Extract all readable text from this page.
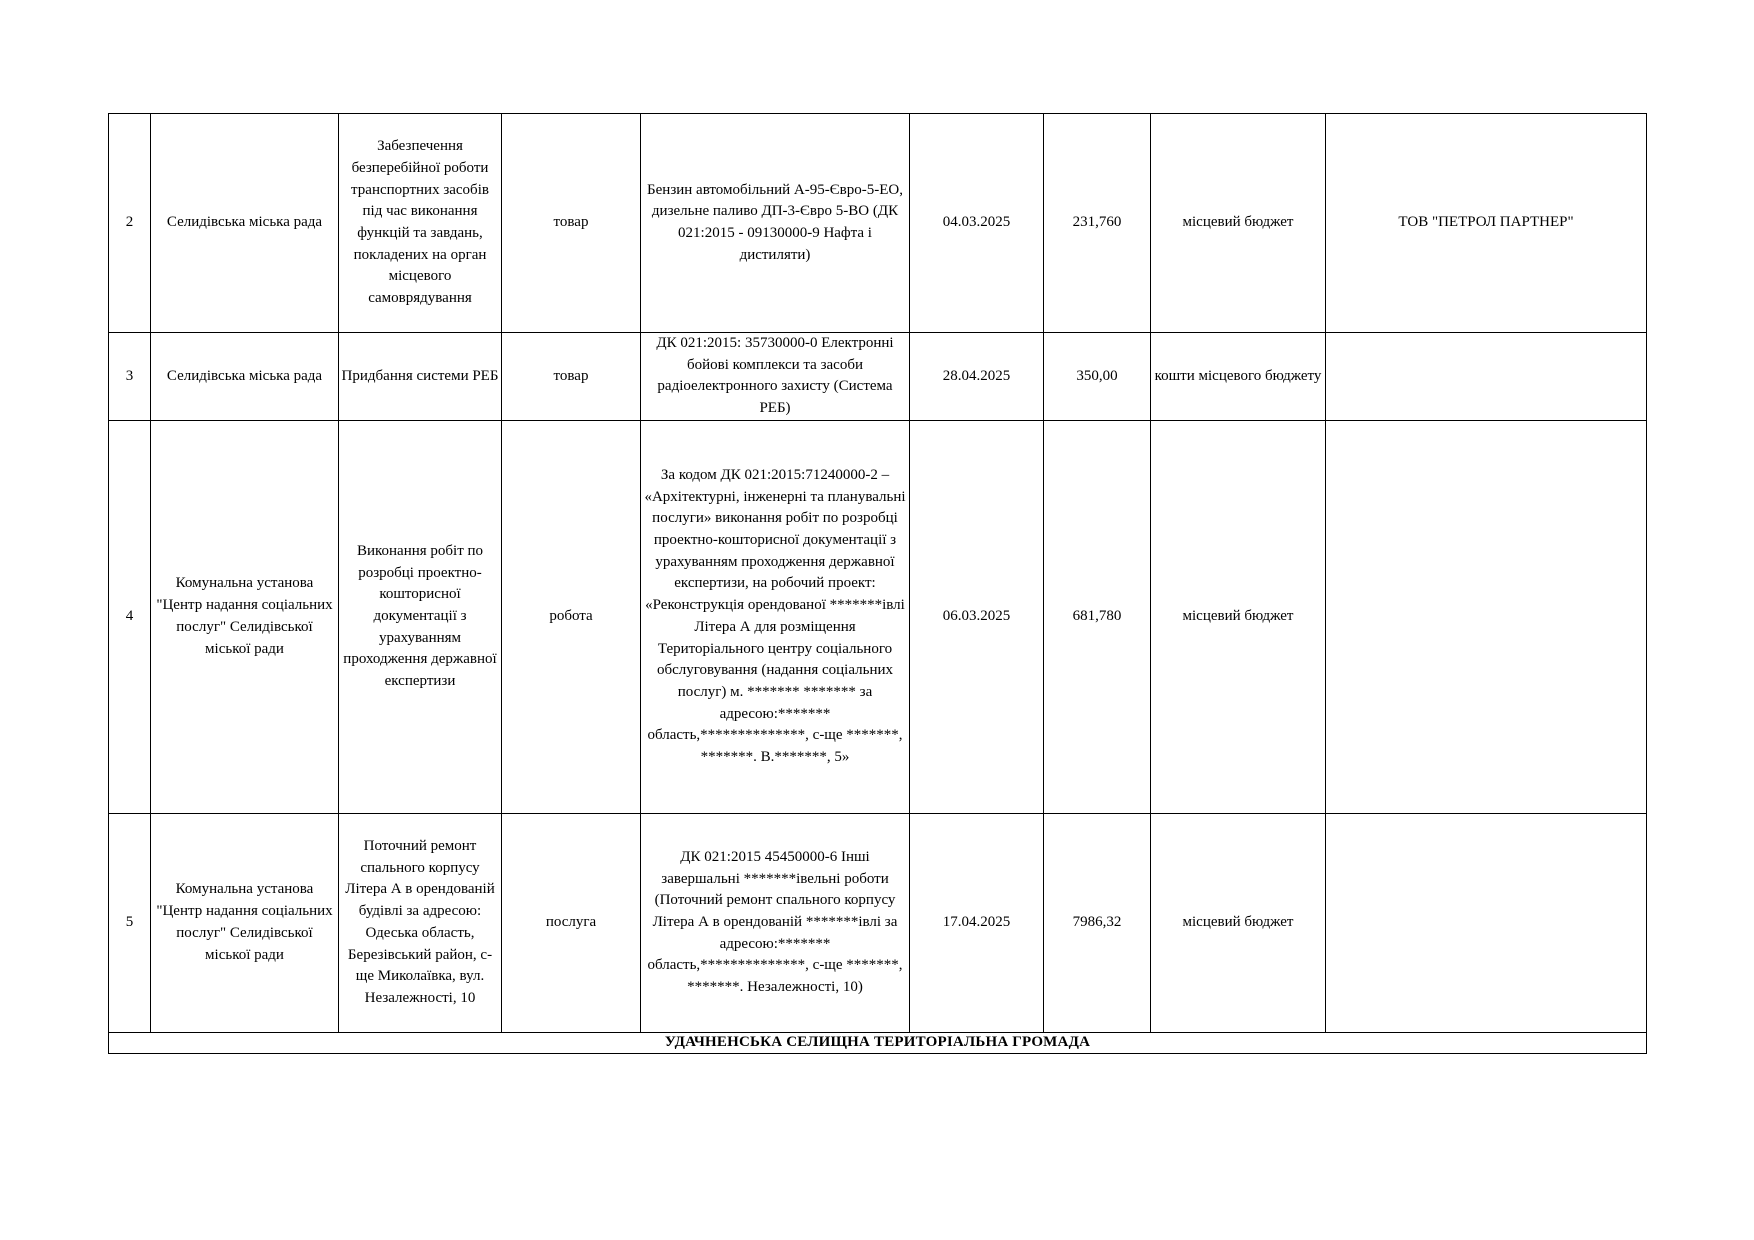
2	Селидівська міська рада	Забезпечення безперебійної роботи транспортних засобів під час виконання функцій та завдань, покладених на орган місцевого самоврядування	товар	Бензин автомобільний А-95-Євро-5-ЕО, дизельне паливо ДП-3-Євро 5-ВО (ДК 021:2015 - 09130000-9 Нафта і дистиляти)	04.03.2025	231,760	місцевий бюджет	ТОВ "ПЕТРОЛ ПАРТНЕР"
3	Селидівська міська рада	Придбання системи РЕБ	товар	ДК 021:2015: 35730000-0 Електронні бойові комплекси та засоби радіоелектронного захисту (Система РЕБ)	28.04.2025	350,00	кошти місцевого бюджету	
4	Комунальна установа "Центр надання соціальних послуг" Селидівської міської ради	Виконання робіт по розробці проектно-кошторисної документації з урахуванням проходження державної експертизи	робота	За кодом ДК 021:2015:71240000-2 – «Архітектурні, інженерні та планувальні послуги» виконання робіт по розробці проектно-кошторисної документації з урахуванням проходження державної експертизи, на робочий проект: «Реконструкція орендованої *******івлі Літера А для розміщення Територіального центру соціального обслуговування (надання соціальних послуг) м. ******* ******* за адресою:******* область,**************, с-ще *******, *******. В.*******, 5»	06.03.2025	681,780	місцевий бюджет	
5	Комунальна установа "Центр надання соціальних послуг" Селидівської міської ради	Поточний ремонт спального корпусу Літера А в орендованій будівлі за адресою: Одеська область, Березівський район, с-ще Миколаївка, вул. Незалежності, 10	послуга	ДК 021:2015 45450000-6 Інші завершальні *******івельні роботи (Поточний ремонт спального корпусу Літера А в орендованій *******івлі за адресою:******* область,**************, с-ще *******, *******. Незалежності, 10)	17.04.2025	7986,32	місцевий бюджет	
УДАЧНЕНСЬКА СЕЛИЩНА ТЕРИТОРІАЛЬНА ГРОМАДА								
